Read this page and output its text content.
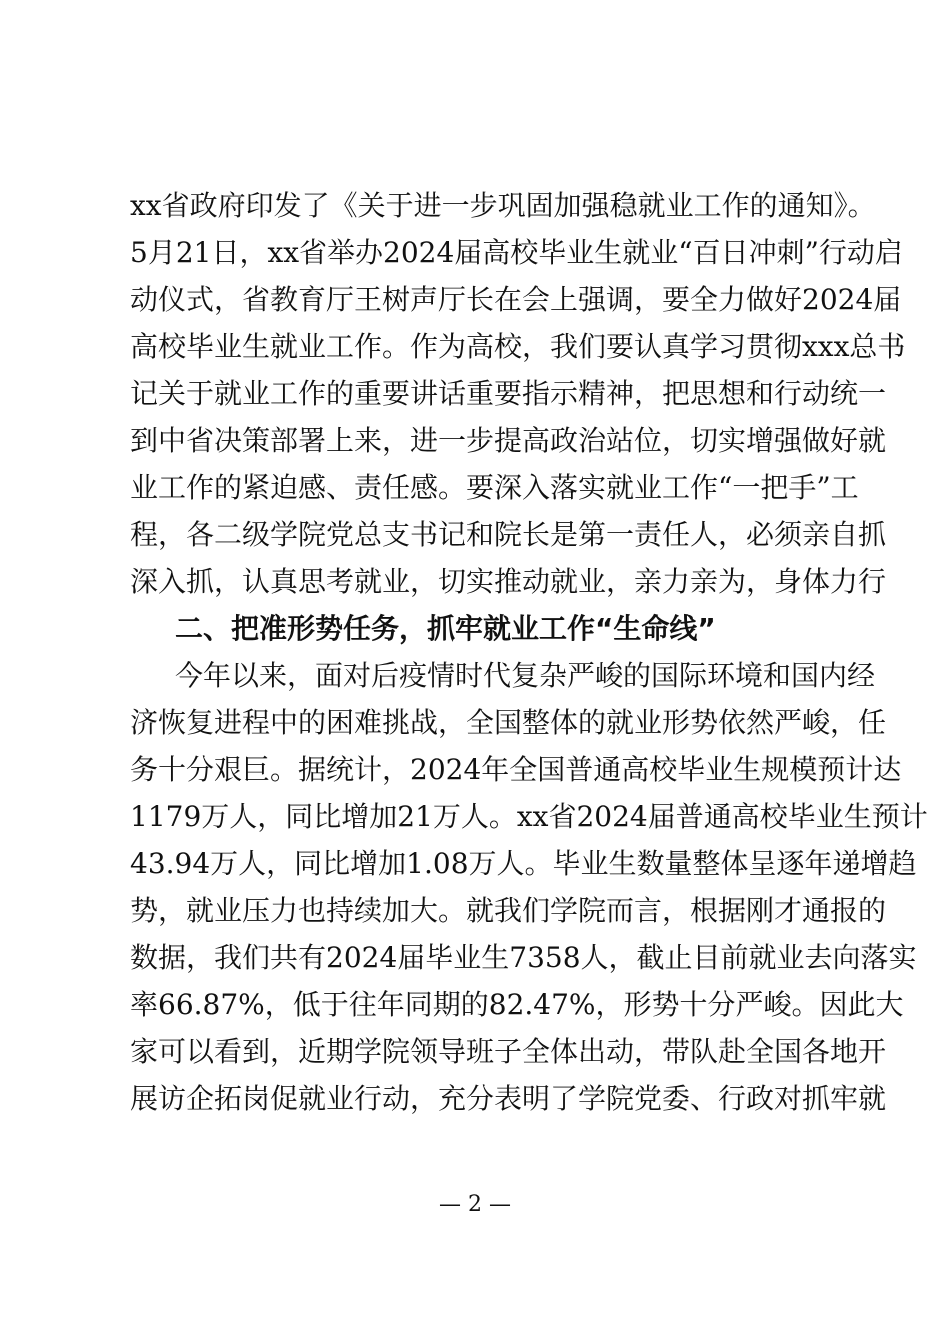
xx省政府印发了《关于进一步巩固加强稳就业工作的通知》。
5月21日，xx省举办2024届高校毕业生就业“百日冲刺”行动启
动仪式，省教育厅王树声厅长在会上强调，要全力做好2024届
高校毕业生就业工作。作为高校，我们要认真学习贯彻xxx总书
记关于就业工作的重要讲话重要指示精神，把思想和行动统一
到中省决策部署上来，进一步提高政治站位，切实增强做好就
业工作的紧迫感、责任感。要深入落实就业工作“一把手”工
程，各二级学院党总支书记和院长是第一责任人，必须亲自抓
深入抓，认真思考就业，切实推动就业，亲力亲为，身体力行
二、把准形势任务，抓牢就业工作“生命线”
今年以来，面对后疫情时代复杂严峻的国际环境和国内经
济恢复进程中的困难挑战，全国整体的就业形势依然严峻，任
务十分艰巨。据统计，2024年全国普通高校毕业生规模预计达
1179万人，同比增加21万人。xx省2024届普通高校毕业生预计
43.94万人，同比增加1.08万人。毕业生数量整体呈逐年递增趋
势，就业压力也持续加大。就我们学院而言，根据刚才通报的
数据，我们共有2024届毕业生7358人，截止目前就业去向落实
率66.87%，低于往年同期的82.47%，形势十分严峻。因此大
家可以看到，近期学院领导班子全体出动，带队赴全国各地开
— 2 —
展访企拓岗促就业行动，充分表明了学院党委、行政对抓牢就
